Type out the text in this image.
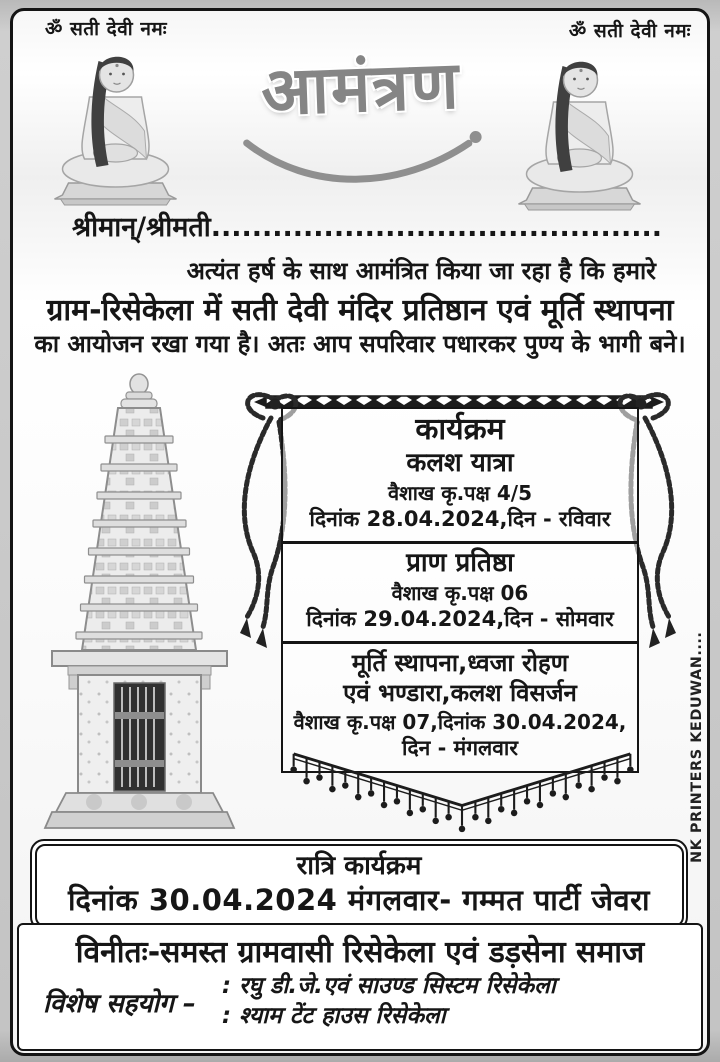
ॐ सती देवी नमः	ॐ सती देवी नमः
आमंत्रण
श्रीमान्/श्रीमती............................................
अत्यंत हर्ष के साथ आमंत्रित किया जा रहा है कि हमारे
ग्राम-रिसेकेला में सती देवी मंदिर प्रतिष्ठान एवं मूर्ति स्थापना
का आयोजन रखा गया है। अतः आप सपरिवार पधारकर पुण्य के भागी बने।
कार्यक्रम
कलश यात्रा
वैशाख कृ.पक्ष 4/5
दिनांक 28.04.2024,दिन - रविवार
प्राण प्रतिष्ठा
वैशाख कृ.पक्ष 06
दिनांक 29.04.2024,दिन - सोमवार
मूर्ति स्थापना,ध्वजा रोहण
एवं भण्डारा,कलश विसर्जन
वैशाख कृ.पक्ष 07,दिनांक 30.04.2024,
दिन - मंगलवार	NK PRINTERS KEDUWAN....
रात्रि कार्यक्रम
दिनांक 30.04.2024 मंगलवार- गम्मत पार्टी जेवरा
विनीतः-समस्त ग्रामवासी रिसेकेला एवं डड़सेना समाज
विशेष सहयोग –
: रघु डी.जे.एवं साउण्ड सिस्टम रिसेकेला
: श्याम टेंट हाउस रिसेकेला
